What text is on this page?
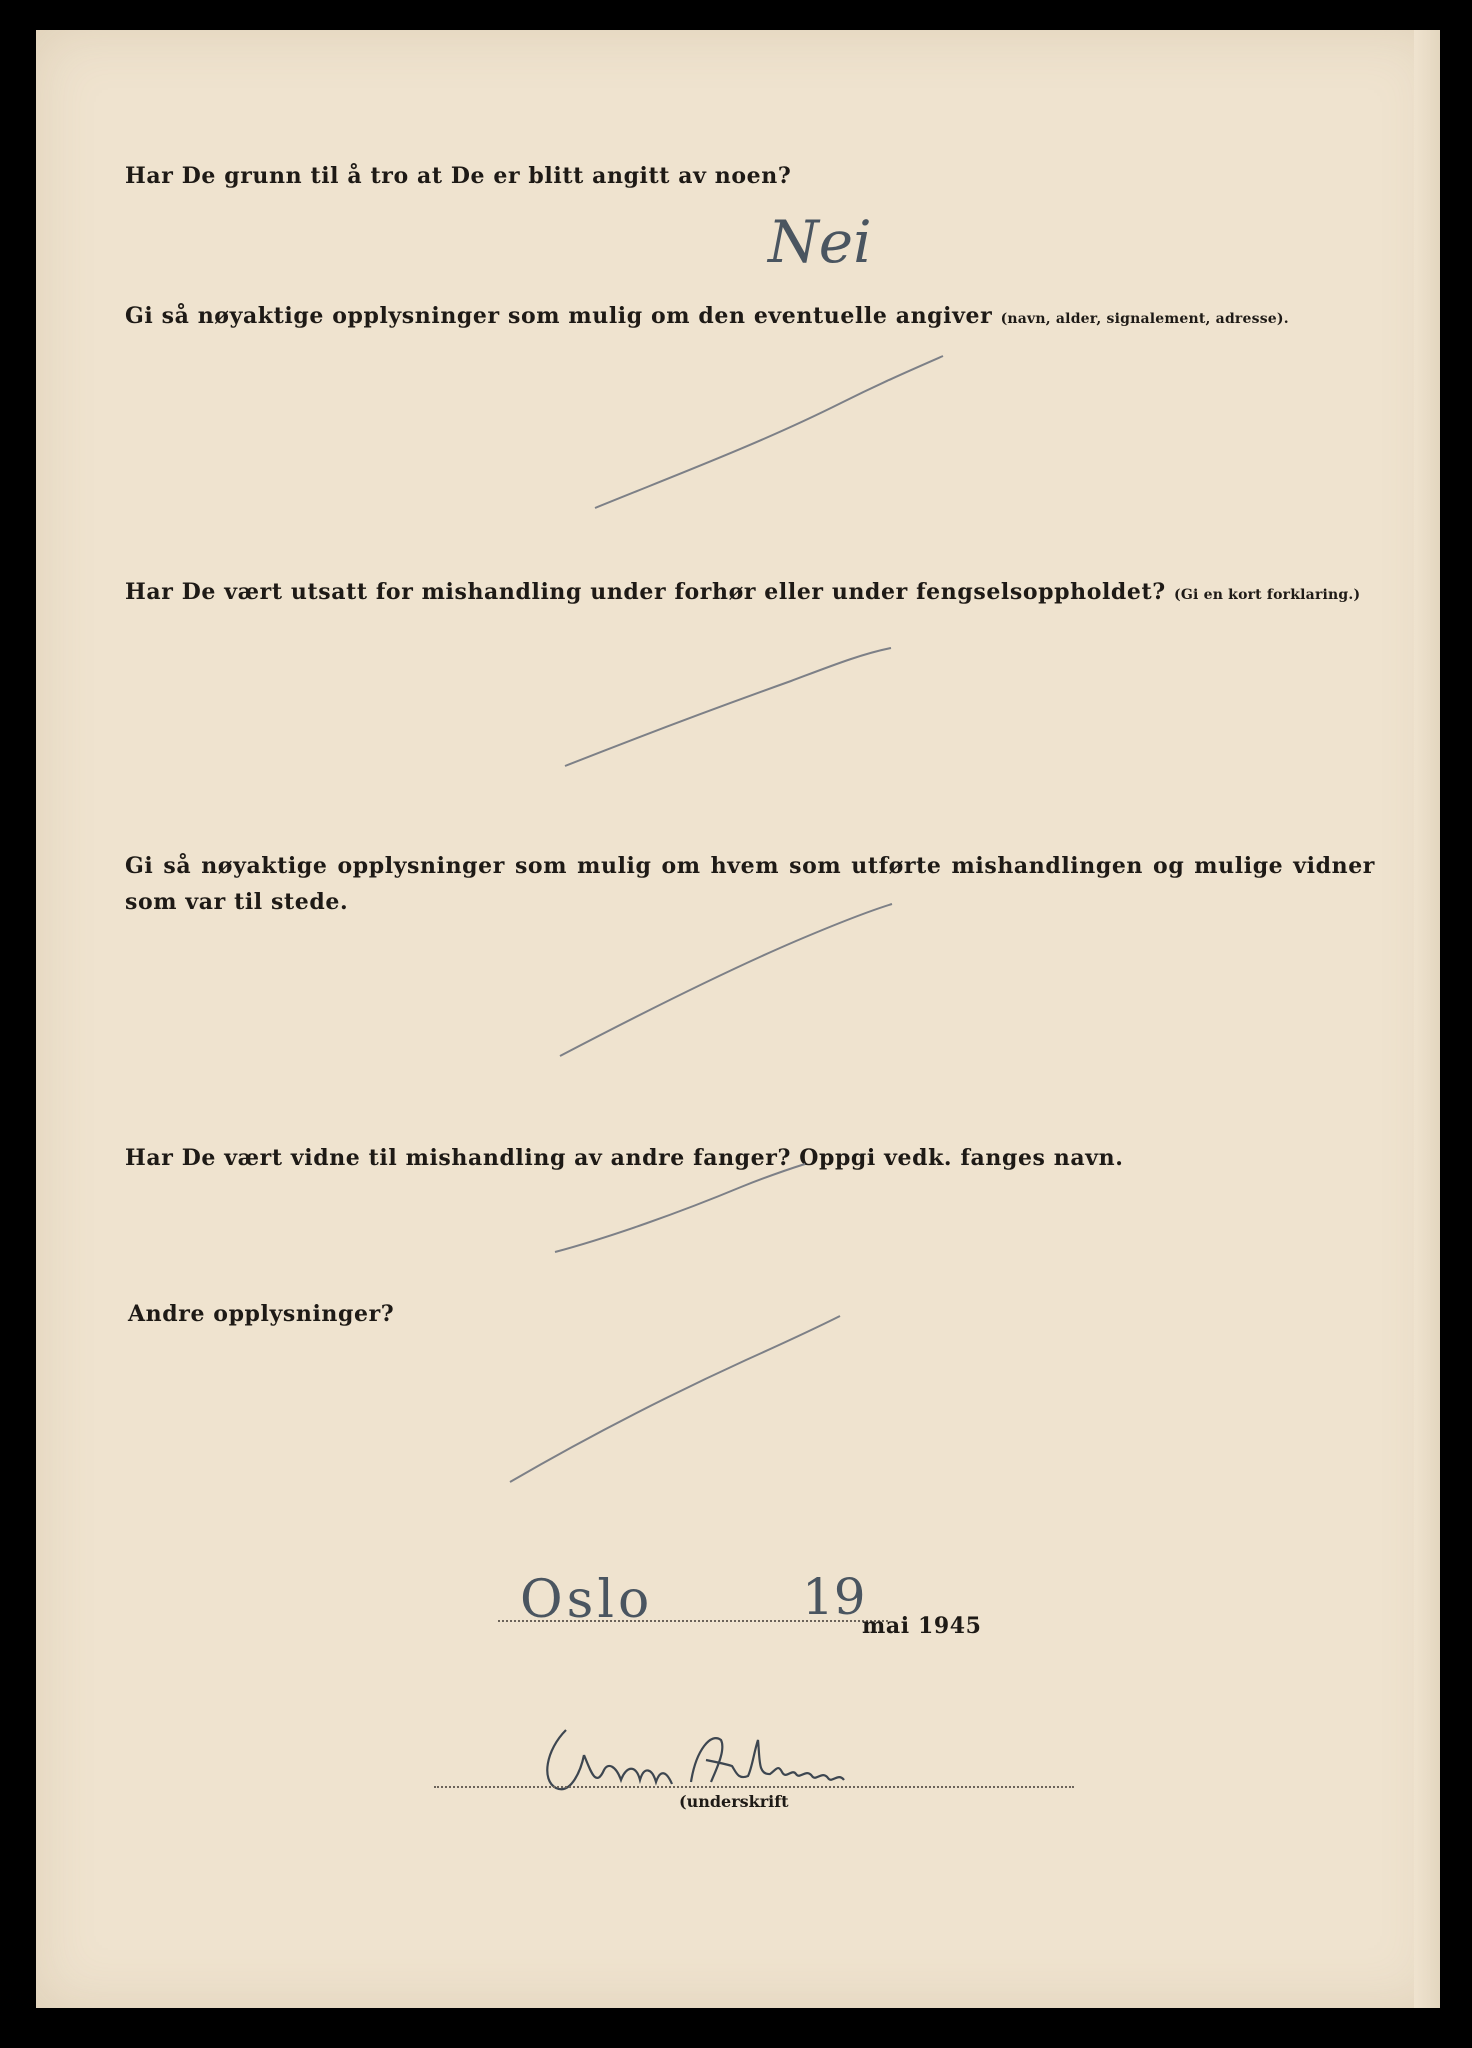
Har De grunn til å tro at De er blitt angitt av noen?
Nei
Gi så nøyaktige opplysninger som mulig om den eventuelle angiver (navn, alder, signalement, adresse).
Har De vært utsatt for mishandling under forhør eller under fengselsoppholdet? (Gi en kort forklaring.)
Gi så nøyaktige opplysninger som mulig om hvem som utførte mishandlingen og mulige vidner som var til stede.
Har De vært vidne til mishandling av andre fanger? Oppgi vedk. fanges navn.
Andre opplysninger?
Oslo	19
mai 1945
(underskrift
